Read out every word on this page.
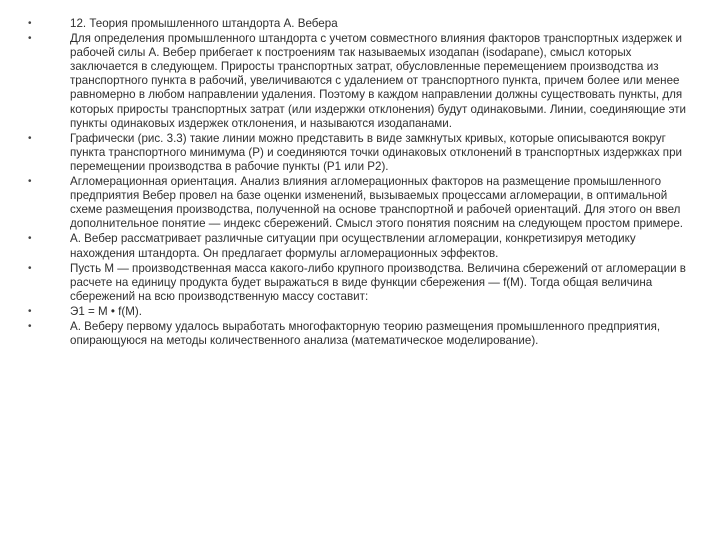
•	12. Теория промышленного штандорта А. Вебера
•	Для определения промышленного штандорта с учетом совместного влияния факторов транспортных издержек и рабочей силы А. Вебер прибегает к построениям так называемых изодапан (isodapane), смысл которых заключается в следующем. Приросты транспортных затрат, обусловленные перемещением производства из транспортного пункта в рабочий, увеличиваются с удалением от транспортного пункта, причем более или менее равномерно в любом направлении удаления. Поэтому в каждом направлении должны существовать пункты, для которых приросты транспортных затрат (или издержки отклонения) будут одинаковыми. Линии, соединяющие эти пункты одинаковых издержек отклонения, и называются изодапанами.
•	Графически (рис. 3.3) такие линии можно представить в виде замкнутых кривых, которые описываются вокруг пункта транспортного минимума (Р) и соединяются точки одинаковых отклонений в транспортных издержках при перемещении производства в рабочие пункты (Р1 или Р2).
•	Агломерационная ориентация. Анализ влияния агломерационных факторов на размещение промышленного предприятия Вебер провел на базе оценки изменений, вызываемых процессами агломерации, в оптимальной схеме размещения производства, полученной на основе транспортной и рабочей ориентаций. Для этого он ввел дополнительное понятие — индекс сбережений. Смысл этого понятия поясним на следующем простом примере.
•	А. Вебер рассматривает различные ситуации при осуществлении агломерации, конкретизируя методику нахождения штандорта. Он предлагает формулы агломерационных эффектов.
•	Пусть М — производственная масса какого-либо крупного производства. Величина сбережений от агломерации в расчете на единицу продукта будет выражаться в виде функции сбережения — f(М). Тогда общая величина сбережений на всю производственную массу составит:
•	Э1 = М • f(М).
•	А. Веберу первому удалось выработать многофакторную теорию размещения промышленного предприятия, опирающуюся на методы количественного анализа (математическое моделирование).
